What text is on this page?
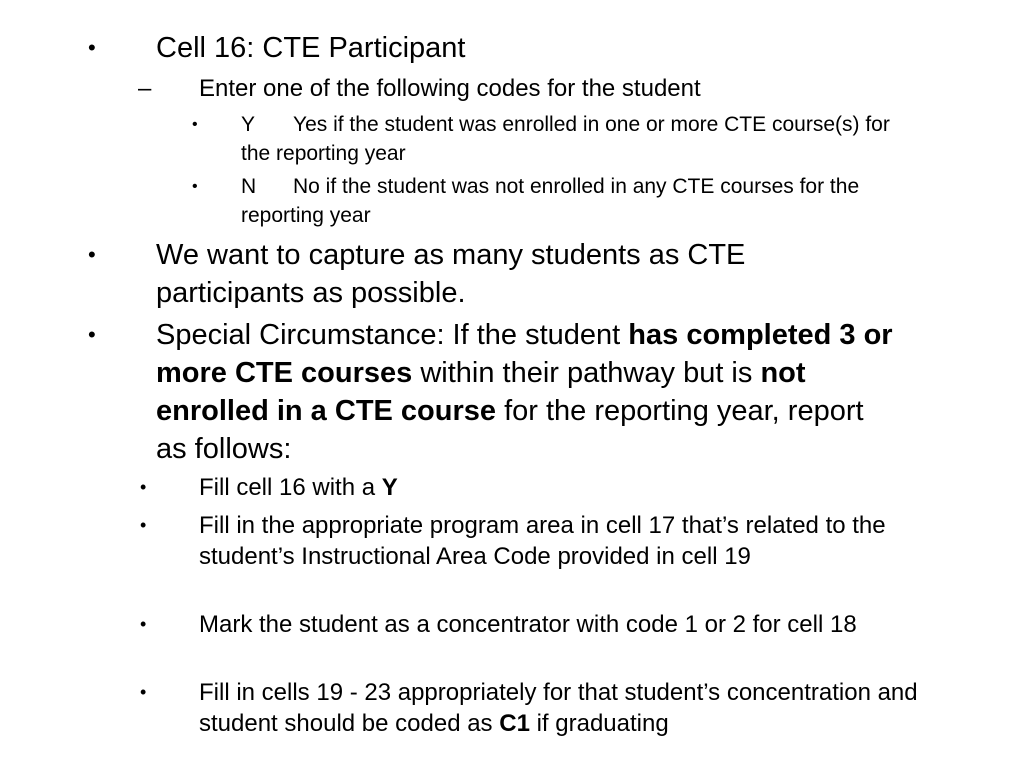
• Cell 16: CTE Participant
– Enter one of the following codes for the student
• Y Yes if the student was enrolled in one or more CTE course(s) for the reporting year
• N No if the student was not enrolled in any CTE courses for the reporting year
• We want to capture as many students as CTE participants as possible.
• Special Circumstance: If the student has completed 3 or more CTE courses within their pathway but is not enrolled in a CTE course for the reporting year, report as follows:
• Fill cell 16 with a Y
• Fill in the appropriate program area in cell 17 that’s related to the student’s Instructional Area Code provided in cell 19
• Mark the student as a concentrator with code 1 or 2 for cell 18
• Fill in cells 19 - 23 appropriately for that student’s concentration and student should be coded as C1 if graduating
